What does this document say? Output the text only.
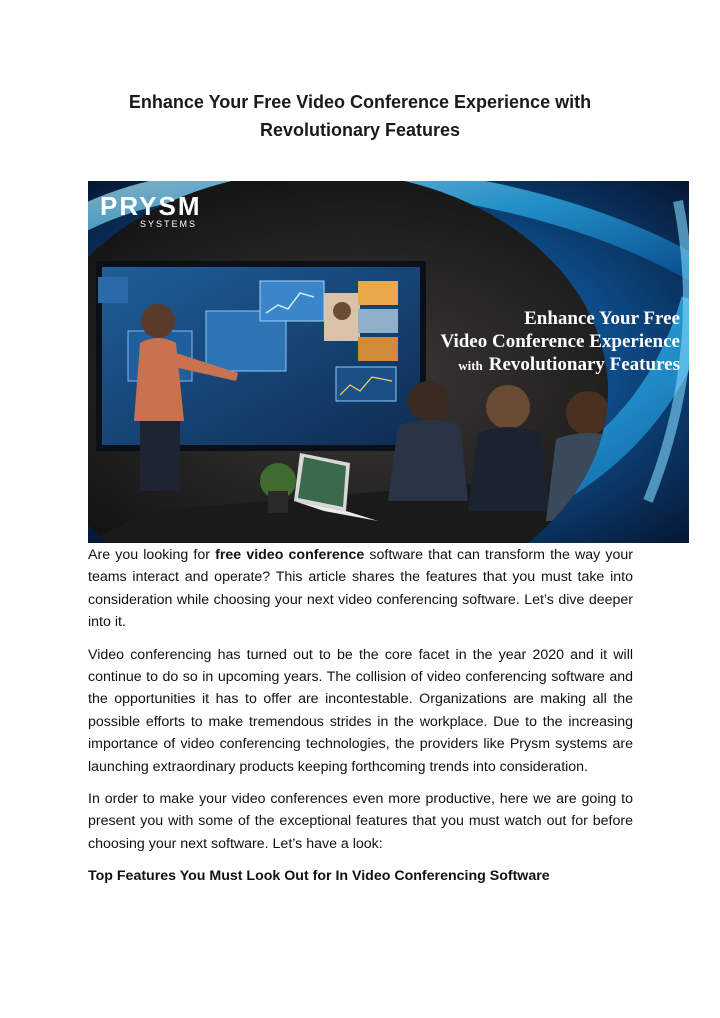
Enhance Your Free Video Conference Experience with Revolutionary Features
PRYSM
SYSTEMS
Enhance Your Free
Video Conference Experience
with Revolutionary Features

Are you looking for free video conference software that can transform the way your teams interact and operate? This article shares the features that you must take into consideration while choosing your next video conferencing software. Let’s dive deeper into it.

Video conferencing has turned out to be the core facet in the year 2020 and it will continue to do so in upcoming years. The collision of video conferencing software and the opportunities it has to offer are incontestable. Organizations are making all the possible efforts to make tremendous strides in the workplace. Due to the increasing importance of video conferencing technologies, the providers like Prysm systems are launching extraordinary products keeping forthcoming trends into consideration.

In order to make your video conferences even more productive, here we are going to present you with some of the exceptional features that you must watch out for before choosing your next software. Let’s have a look:

Top Features You Must Look Out for In Video Conferencing Software
